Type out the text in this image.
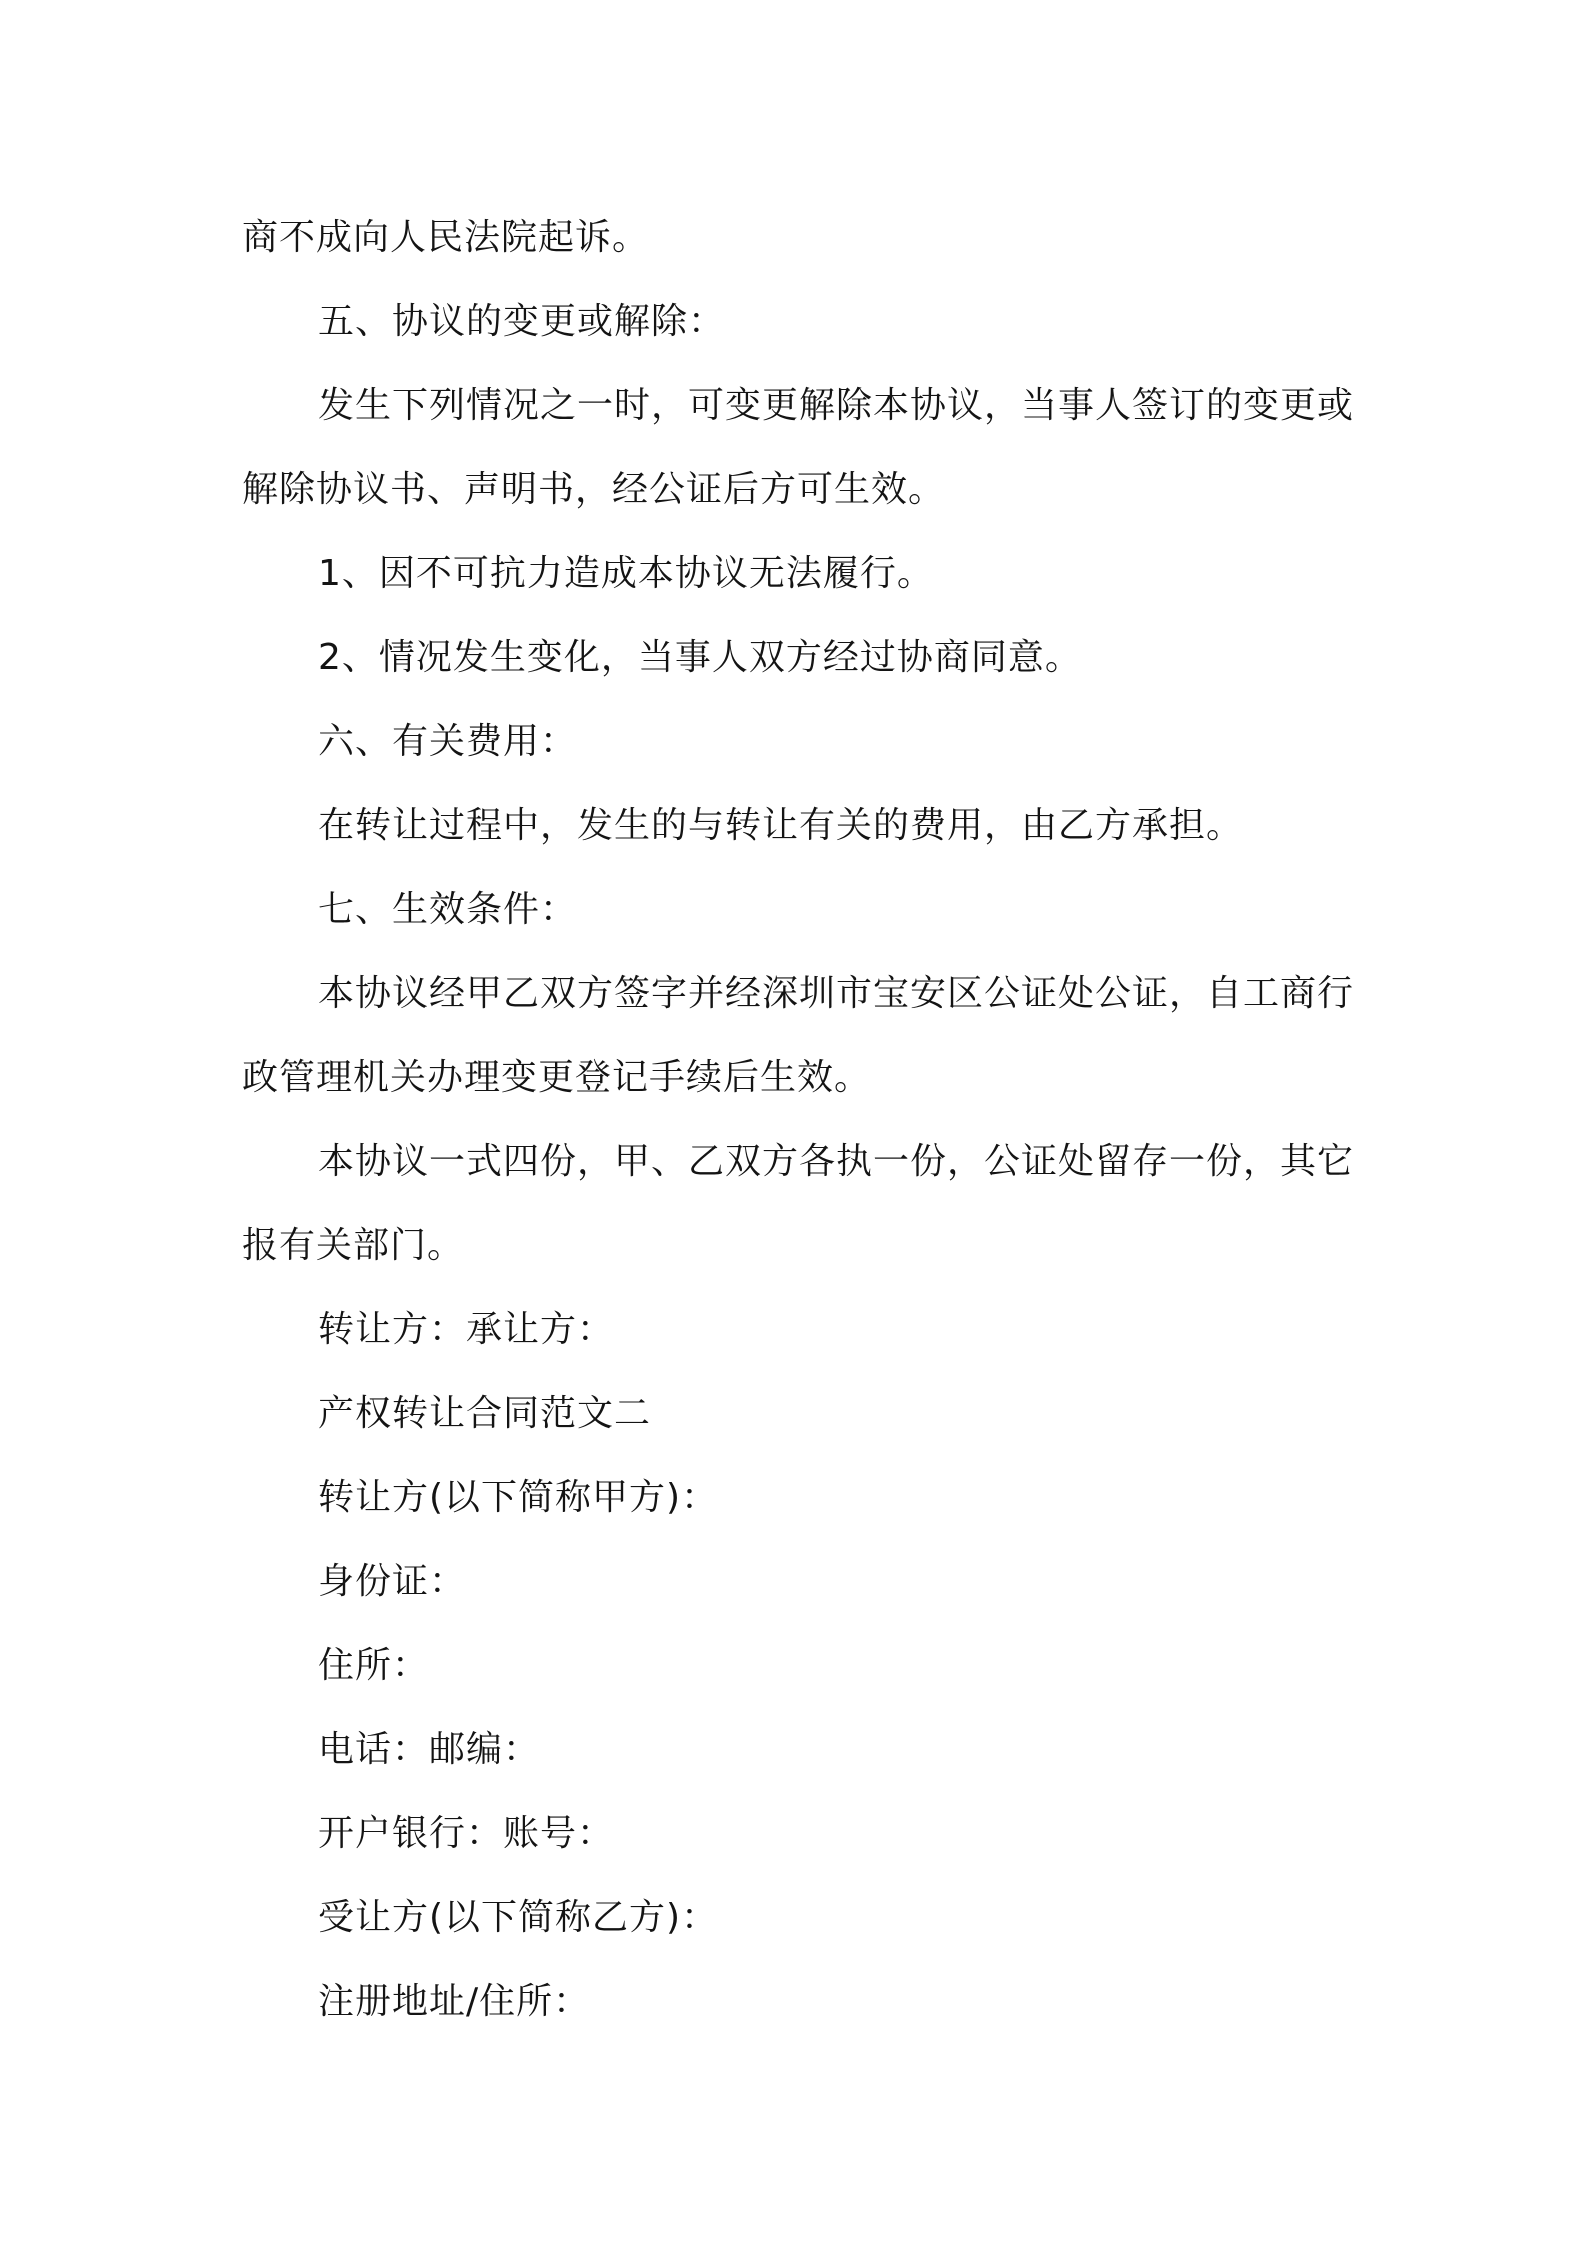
商不成向人民法院起诉。
五、协议的变更或解除：
发生下列情况之一时，可变更解除本协议，当事人签订的变更或
解除协议书、声明书，经公证后方可生效。
1、因不可抗力造成本协议无法履行。
2、情况发生变化，当事人双方经过协商同意。
六、有关费用：
在转让过程中，发生的与转让有关的费用，由乙方承担。
七、生效条件：
本协议经甲乙双方签字并经深圳市宝安区公证处公证，自工商行
政管理机关办理变更登记手续后生效。
本协议一式四份，甲、乙双方各执一份，公证处留存一份，其它
报有关部门。
转让方：承让方：
产权转让合同范文二
转让方(以下简称甲方)：
身份证：
住所：
电话：邮编：
开户银行：账号：
受让方(以下简称乙方)：
注册地址/住所：
